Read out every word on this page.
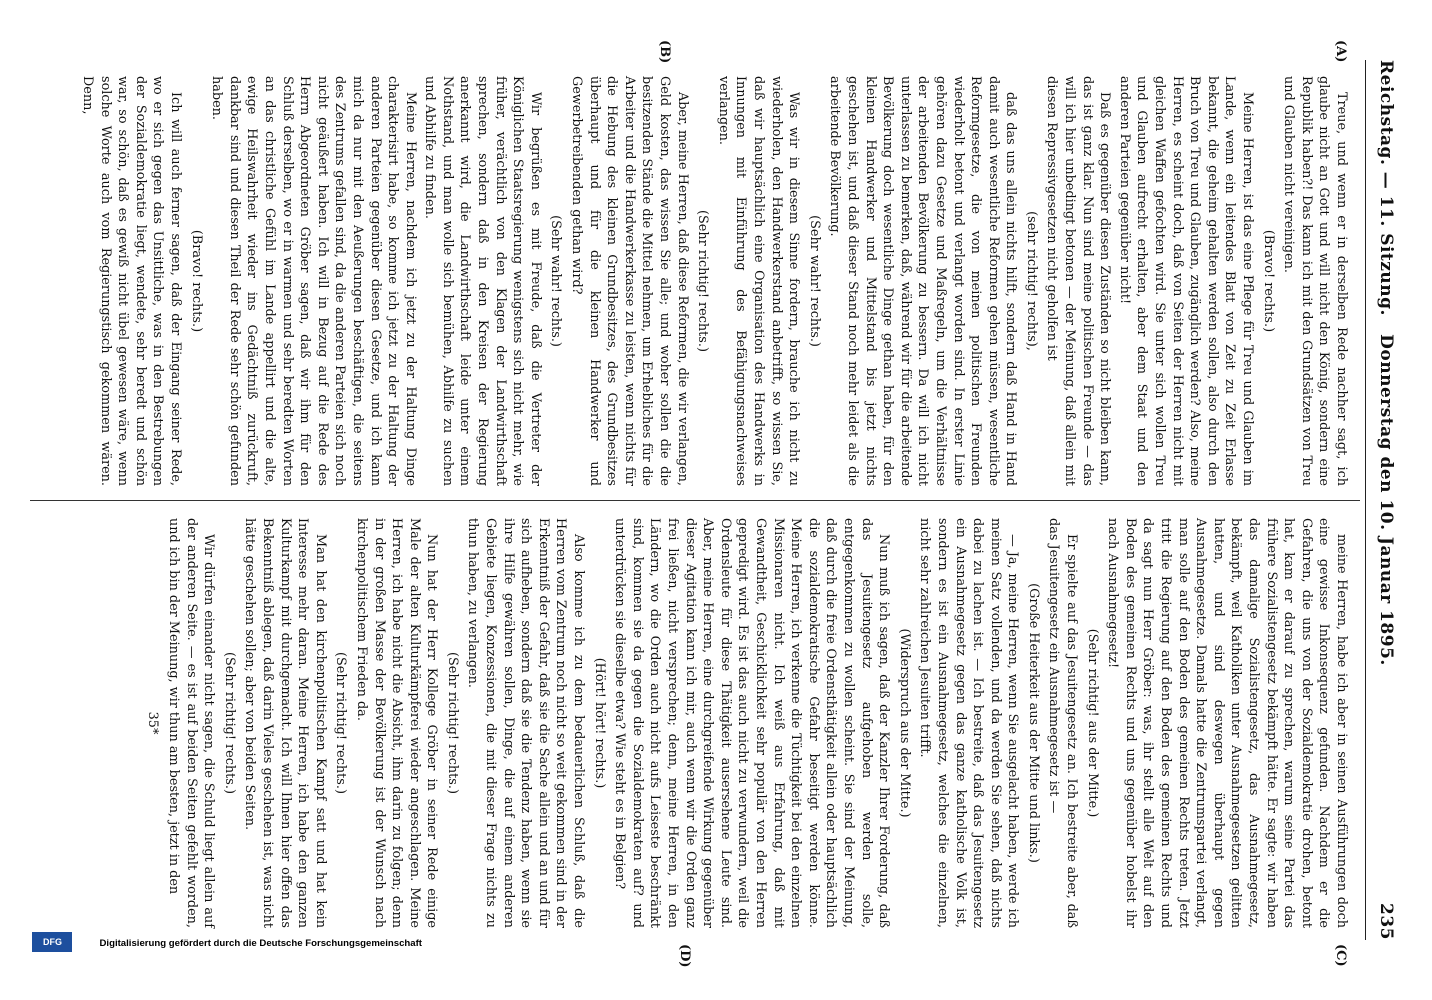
Reichstag. — 11. Sitzung.
Donnerstag den 10. Januar 1895.
235
(A)
(B)
(C)
(D)

Treue, und wenn er in derselben Rede nachher sagt, ich glaube nicht an Gott und will nicht den König, sondern eine Republik haben?! Das kann ich mit den Grundsätzen von Treu und Glauben nicht vereinigen.

(Bravo! rechts.)

Meine Herren, ist das eine Pflege für Treu und Glauben im Lande, wenn ein leitendes Blatt von Zeit zu Zeit Erlasse bekannt, die geheim gehalten werden sollen, also durch den Bruch von Treu und Glauben, zugänglich werden? Also, meine Herren, es scheint doch, daß von Seiten der Herren nicht mit gleichen Waffen gefochten wird. Sie unter sich wollen Treu und Glauben aufrecht erhalten, aber dem Staat und den anderen Parteien gegenüber nicht!

Daß es gegenüber diesen Zuständen so nicht bleiben kann, das ist ganz klar. Nun sind meine politischen Freunde — das will ich hier unbedingt betonen — der Meinung, daß allein mit diesen Repressivgesetzen nicht geholfen ist

(sehr richtig! rechts),

daß das uns allein nichts hilft, sondern daß Hand in Hand damit auch wesentliche Reformen gehen müssen, wesentliche Reformgesetze, die von meinen politischen Freunden wiederholt betont und verlangt worden sind. In erster Linie gehören dazu Gesetze und Maßregeln, um die Verhältnisse der arbeitenden Bevölkerung zu bessern. Da will ich nicht unterlassen zu bemerken, daß, während wir für die arbeitende Bevölkerung doch wesentliche Dinge gethan haben, für den kleinen Handwerker und Mittelstand bis jetzt nichts geschehen ist, und daß dieser Stand noch mehr leidet als die arbeitende Bevölkerung.

(Sehr wahr! rechts.)

Was wir in diesem Sinne fordern, brauche ich nicht zu wiederholen, den Handwerkerstand anbetrifft, so wissen Sie, daß wir hauptsächlich eine Organisation des Handwerks in Innungen mit Einführung des Befähigungsnachweises verlangen.

(Sehr richtig! rechts.)

Aber, meine Herren, daß diese Reformen, die wir verlangen, Geld kosten, das wissen Sie alle; und woher sollen die die besitzenden Stände die Mittel nehmen, um Erhebliches für die Arbeiter und die Handwerkerkasse zu leisten, wenn nichts für die Hebung des kleinen Grundbesitzes, des Grundbesitzes überhaupt und für die kleinen Handwerker und Gewerbetreibenden gethan wird?

(Sehr wahr! rechts.)

Wir begrüßen es mit Freude, daß die Vertreter der Königlichen Staatsregierung wenigstens sich nicht mehr, wie früher, verächtlich von den Klagen der Landwirthschaft sprechen, sondern daß in den Kreisen der Regierung anerkannt wird, die Landwirthschaft leide unter einem Nothstand, und man wolle sich bemühen, Abhilfe zu suchen und Abhilfe zu finden.

Meine Herren, nachdem ich jetzt zu der Haltung Dinge charakterisirt habe, so komme ich jetzt zu der Haltung der anderen Parteien gegenüber diesen Gesetze, und ich kann mich da nur mit den Aeußerungen beschäftigen, die seitens des Zentrums gefallen sind, da die anderen Parteien sich noch nicht geäußert haben. Ich will in Bezug auf die Rede des Herrn Abgeordneten Gröber sagen, daß wir ihm für den Schluß derselben, wo er in warmen und sehr beredten Worten an das christliche Gefühl im Lande appellirt und die alte, ewige Heilswahrheit wieder ins Gedächtniß zurückruft, dankbar sind und diesen Theil der Rede sehr schön gefunden haben.

(Bravo! rechts.)

Ich will auch ferner sagen, daß der Eingang seiner Rede, wo er sich gegen das Unsittliche, was in den Bestrebungen der Sozialdemokratie liegt, wendete, sehr beredt und schön war, so schön, daß es gewiß nicht übel gewesen wäre, wenn solche Worte auch vom Regierungstisch gekommen wären. Denn,

meine Herren, habe ich aber in seinen Ausführungen doch eine gewisse Inkonsequenz gefunden. Nachdem er die Gefahren, die uns von der Sozialdemokratie drohen, betont hat, kam er darauf zu sprechen, warum seine Partei das frühere Sozialistengesetz bekämpft hätte. Er sagte: wir haben das damalige Sozialistengesetz, das Ausnahmegesetz, bekämpft, weil Katholiken unter Ausnahmegesetzen gelitten hatten, und sind deswegen überhaupt gegen Ausnahmegesetze. Damals hatte die Zentrumspartei verlangt, man solle auf den Boden des gemeinen Rechts treten. Jetzt tritt die Regierung auf den Boden des gemeinen Rechts und da sagt nun Herr Gröber: was, ihr stellt alle Welt auf den Boden des gemeinen Rechts und uns gegenüber hobelst ihr nach Ausnahmegesetz!

(Sehr richtig! aus der Mitte.)

Er spielte auf das Jesuitengesetz an. Ich bestreite aber, daß das Jesuitengesetz ein Ausnahmegesetz ist —

(Große Heiterkeit aus der Mitte und links.)

— Ja, meine Herren, wenn Sie ausgelacht haben, werde ich meinen Satz vollenden, und da werden Sie sehen, daß nichts dabei zu lachen ist. — Ich bestreite, daß das Jesuitengesetz ein Ausnahmegesetz gegen das ganze katholische Volk ist, sondern es ist ein Ausnahmegesetz, welches die einzelnen, nicht sehr zahlreichen Jesuiten trifft.

(Widerspruch aus der Mitte.)

Nun muß ich sagen, daß der Kanzler Ihrer Forderung, daß das Jesuitengesetz aufgehoben werden solle, entgegenkommen zu wollen scheint. Sie sind der Meinung, daß durch die freie Ordensthätigkeit allein oder hauptsächlich die sozialdemokratische Gefahr beseitigt werden könne. Meine Herren, ich verkenne die Tüchtigkeit bei den einzelnen Missionaren nicht. Ich weiß aus Erfahrung, daß mit Gewandtheit, Geschicklichkeit sehr populär von den Herren gepredigt wird. Es ist das auch nicht zu verwundern, weil die Ordensleute für diese Thätigkeit ausersehene Leute sind. Aber, meine Herren, eine durchgreifende Wirkung gegenüber dieser Agitation kann ich mir, auch wenn wir die Orden ganz frei ließen, nicht versprechen; denn, meine Herren, in den Ländern, wo die Orden auch nicht aufs Leiseste beschränkt sind, kommen sie da gegen die Sozialdemokraten auf? und unterdrücken sie dieselbe etwa? Wie steht es in Belgien?

(Hört! hört! rechts.)

Also komme ich zu dem bedauerlichen Schluß, daß die Herren vom Zentrum noch nicht so weit gekommen sind in der Erkenntniß der Gefahr, daß sie die Sache allein und an und für sich aufheben, sondern daß sie die Tendenz haben, wenn sie ihre Hilfe gewähren sollen, Dinge, die auf einem anderen Gebiete liegen, Konzessionen, die mit dieser Frage nichts zu thun haben, zu verlangen.

(Sehr richtig! rechts.)

Nun hat der Herr Kollege Gröber in seiner Rede einige Male der alten Kulturkämpferei wieder angeschlagen. Meine Herren, ich habe nicht die Absicht, ihm darin zu folgen; denn in der großen Masse der Bevölkerung ist der Wunsch nach kirchenpolitischem Frieden da.

(Sehr richtig! rechts.)

Man hat den kirchenpolitischen Kampf satt und hat kein Interesse mehr daran. Meine Herren, ich habe den ganzen Kulturkampf mit durchgemacht. Ich will Ihnen hier offen das Bekenntniß ablegen, daß darin Vieles geschehen ist, was nicht hätte geschehen sollen; aber von beiden Seiten.

(Sehr richtig! rechts.)

Wir dürfen einander nicht sagen, die Schuld liegt allein auf der anderen Seite. — es ist auf beiden Seiten gefehlt worden, und ich bin der Meinung, wir thun am besten, jetzt in den

35*

Digitalisierung gefördert durch die Deutsche Forschungsgemeinschaft
DFG
